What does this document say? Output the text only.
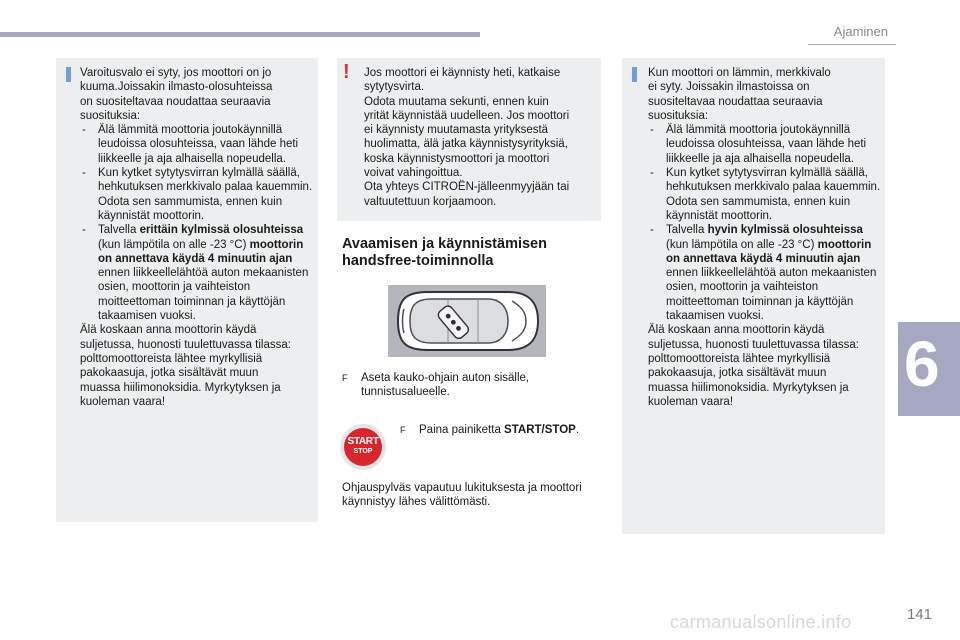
Ajaminen
6

Varoitusvalo ei syty, jos moottori on jo
kuuma.Joissakin ilmasto-olosuhteissa
on suositeltavaa noudattaa seuraavia
suosituksia:

- Älä lämmitä moottoria joutokäynnillä leudoissa olosuhteissa, vaan lähde heti liikkeelle ja aja alhaisella nopeudella.
- Kun kytket sytytysvirran kylmällä säällä, hehkutuksen merkkivalo palaa kauemmin. Odota sen sammumista, ennen kuin käynnistät moottorin.
- Talvella erittäin kylmissä olosuhteissa (kun lämpötila on alle -23 °C) moottorin on annettava käydä 4 minuutin ajan ennen liikkeellelähtöä auton mekaanisten osien, moottorin ja vaihteiston moitteettoman toiminnan ja käyttöjän takaamisen vuoksi.

Älä koskaan anna moottorin käydä
suljetussa, huonosti tuulettuvassa tilassa:
polttomoottoreista lähtee myrkyllisiä
pakokaasuja, jotka sisältävät muun
muassa hiilimonoksidia. Myrkytyksen ja
kuoleman vaara!

! Jos moottori ei käynnisty heti, katkaise
sytytysvirta.
Odota muutama sekunti, ennen kuin
yrität käynnistää uudelleen. Jos moottori
ei käynnisty muutamasta yrityksestä
huolimatta, älä jatka käynnistysyrityksiä,
koska käynnistysmoottori ja moottori
voivat vahingoittua.
Ota yhteys CITROËN-jälleenmyyjään tai
valtuutettuun korjaamoon.

Avaamisen ja käynnistämisen
handsfree-toiminnolla
F	Aseta kauko-ohjain auton sisälle,
tunnistusalueelle.
START
STOP
F	Paina painiketta START/STOP.

Ohjauspylväs vapautuu lukituksesta ja moottori
käynnistyy lähes välittömästi.

Kun moottori on lämmin, merkkivalo
ei syty. Joissakin ilmastoissa on
suositeltavaa noudattaa seuraavia
suosituksia:

- Älä lämmitä moottoria joutokäynnillä leudoissa olosuhteissa, vaan lähde heti liikkeelle ja aja alhaisella nopeudella.
- Kun kytket sytytysvirran kylmällä säällä, hehkutuksen merkkivalo palaa kauemmin. Odota sen sammumista, ennen kuin käynnistät moottorin.
- Talvella hyvin kylmissä olosuhteissa (kun lämpötila on alle -23 °C) moottorin on annettava käydä 4 minuutin ajan ennen liikkeellelähtöä auton mekaanisten osien, moottorin ja vaihteiston moitteettoman toiminnan ja käyttöjän takaamisen vuoksi.

Älä koskaan anna moottorin käydä
suljetussa, huonosti tuulettuvassa tilassa:
polttomoottoreista lähtee myrkyllisiä
pakokaasuja, jotka sisältävät muun
muassa hiilimonoksidia. Myrkytyksen ja
kuoleman vaara!

141
carmanualsonline.info
